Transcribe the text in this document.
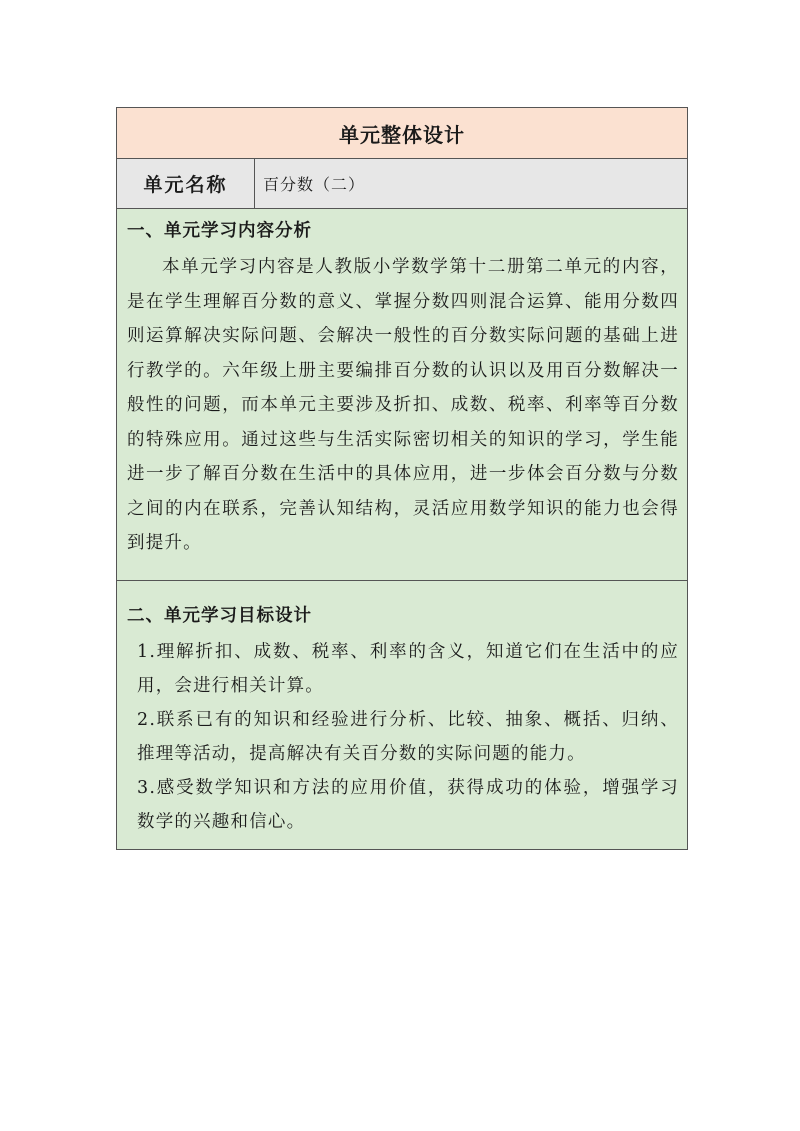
单元整体设计
单元名称	百分数（二）

一、单元学习内容分析

本单元学习内容是人教版小学数学第十二册第二单元的内容，是在学生理解百分数的意义、掌握分数四则混合运算、能用分数四则运算解决实际问题、会解决一般性的百分数实际问题的基础上进行教学的。六年级上册主要编排百分数的认识以及用百分数解决一般性的问题，而本单元主要涉及折扣、成数、税率、利率等百分数的特殊应用。通过这些与生活实际密切相关的知识的学习，学生能进一步了解百分数在生活中的具体应用，进一步体会百分数与分数之间的内在联系，完善认知结构，灵活应用数学知识的能力也会得到提升。

二、单元学习目标设计

1.理解折扣、成数、税率、利率的含义，知道它们在生活中的应用，会进行相关计算。

2.联系已有的知识和经验进行分析、比较、抽象、概括、归纳、推理等活动，提高解决有关百分数的实际问题的能力。

3.感受数学知识和方法的应用价值，获得成功的体验，增强学习数学的兴趣和信心。
